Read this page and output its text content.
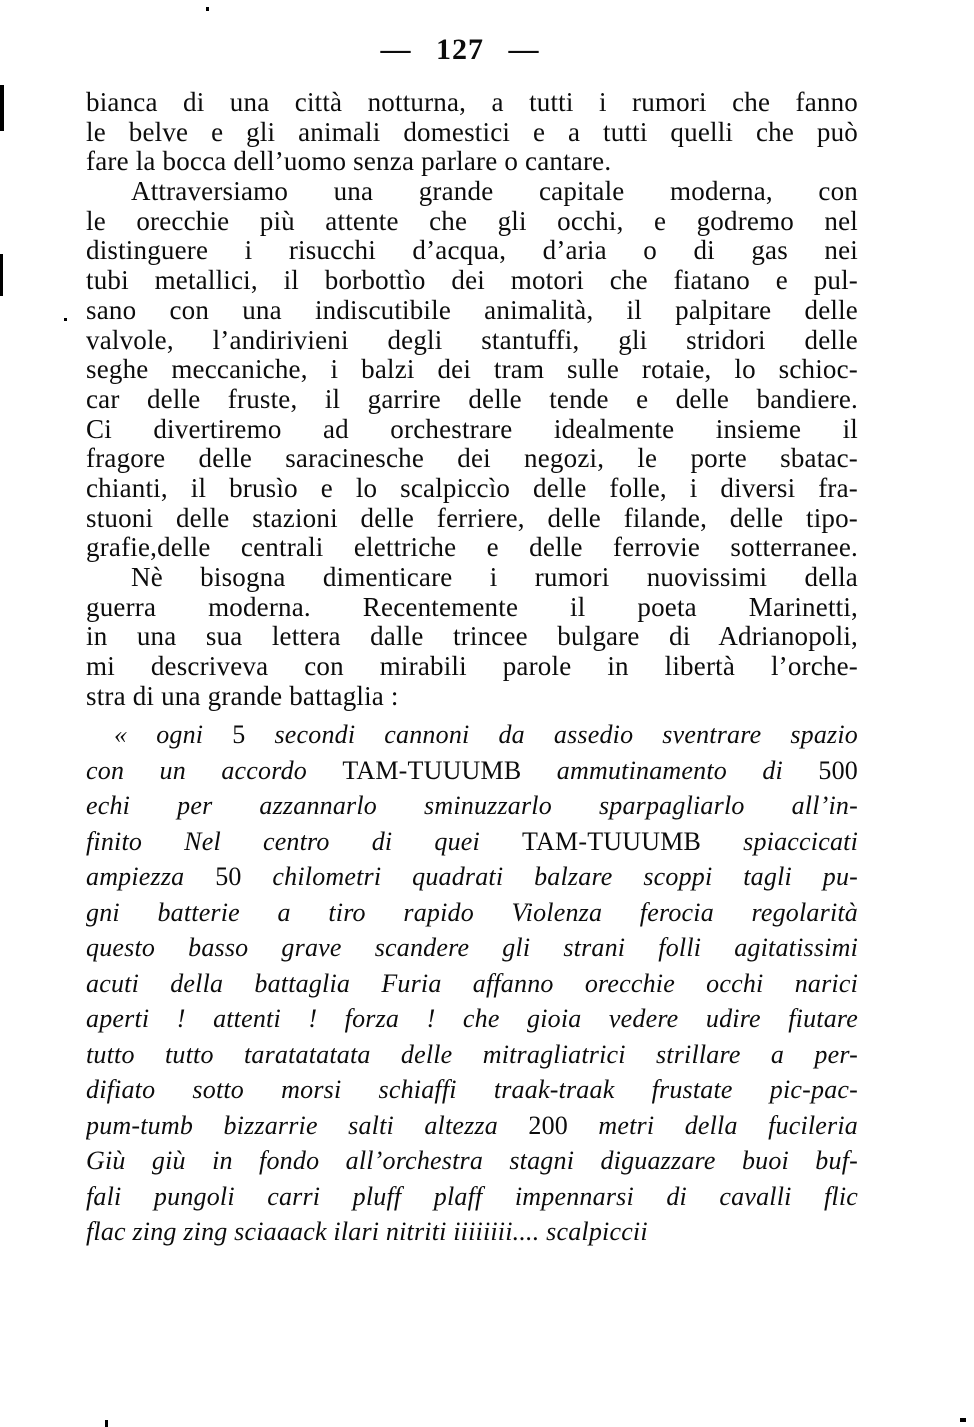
— 127 —
bianca di una città notturna, a tutti i rumori che fanno
le belve e gli animali domestici e a tutti quelli che può
fare la bocca dell’uomo senza parlare o cantare.
Attraversiamo una grande capitale moderna, con
le orecchie più attente che gli occhi, e godremo nel
distinguere i risucchi d’acqua, d’aria o di gas nei
tubi metallici, il borbottìo dei motori che fiatano e pul-
sano con una indiscutibile animalità, il palpitare delle
valvole, l’andirivieni degli stantuffi, gli stridori delle
seghe meccaniche, i balzi dei tram sulle rotaie, lo schioc-
car delle fruste, il garrire delle tende e delle bandiere.
Ci divertiremo ad orchestrare idealmente insieme il
fragore delle saracinesche dei negozi, le porte sbatac-
chianti, il brusìo e lo scalpiccìo delle folle, i diversi fra-
stuoni delle stazioni delle ferriere, delle filande, delle tipo-
grafie,delle centrali elettriche e delle ferrovie sotterranee.
Nè bisogna dimenticare i rumori nuovissimi della
guerra moderna. Recentemente il poeta Marinetti,
in una sua lettera dalle trincee bulgare di Adrianopoli,
mi descriveva con mirabili parole in libertà l’orche-
stra di una grande battaglia :
« ogni 5 secondi cannoni da assedio sventrare spazio
con un accordo TAM-TUUUMB ammutinamento di 500
echi per azzannarlo sminuzzarlo sparpagliarlo all’in-
finito Nel centro di quei TAM-TUUUMB spiaccicati
ampiezza 50 chilometri quadrati balzare scoppi tagli pu-
gni batterie a tiro rapido Violenza ferocia regolarità
questo basso grave scandere gli strani folli agitatissimi
acuti della battaglia Furia affanno orecchie occhi narici
aperti ! attenti ! forza ! che gioia vedere udire fiutare
tutto tutto taratatatata delle mitragliatrici strillare a per-
difiato sotto morsi schiaffi traak-traak frustate pic-pac-
pum-tumb bizzarrie salti altezza 200 metri della fucileria
Giù giù in fondo all’orchestra stagni diguazzare buoi buf-
fali pungoli carri pluff plaff impennarsi di cavalli flic
flac zing zing sciaaack ilari nitriti iiiiiiii.... scalpiccii
